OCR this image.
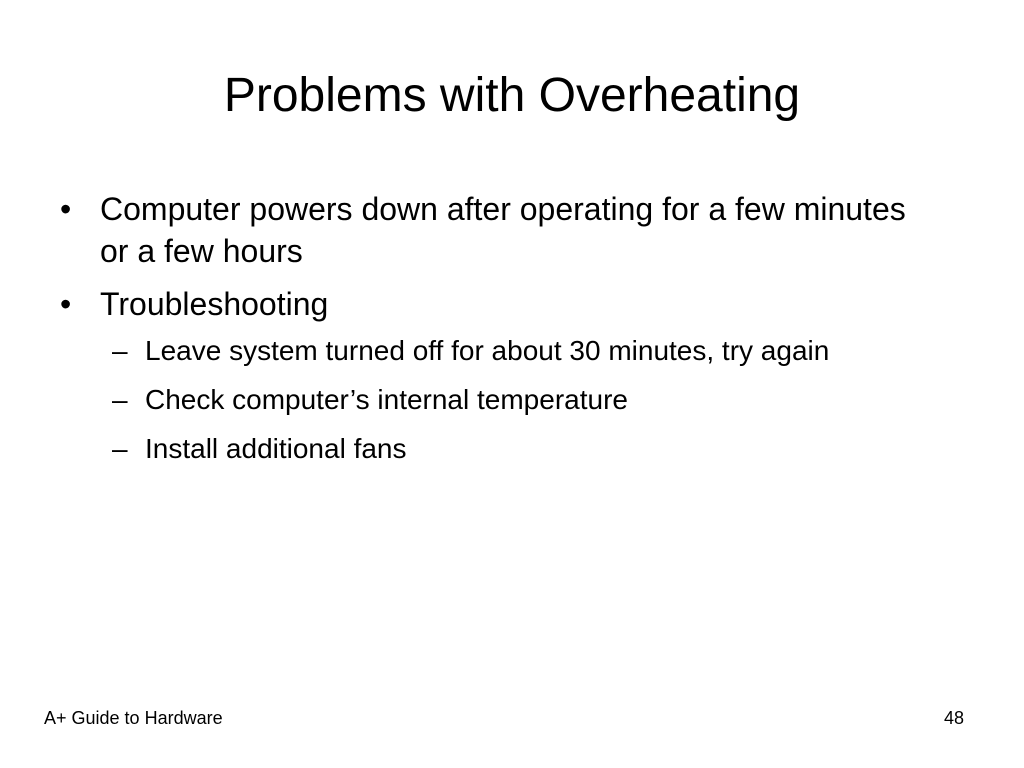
Problems with Overheating
• Computer powers down after operating for a few minutes or a few hours
• Troubleshooting
– Leave system turned off for about 30 minutes, try again
– Check computer’s internal temperature
– Install additional fans
A+ Guide to Hardware	48
